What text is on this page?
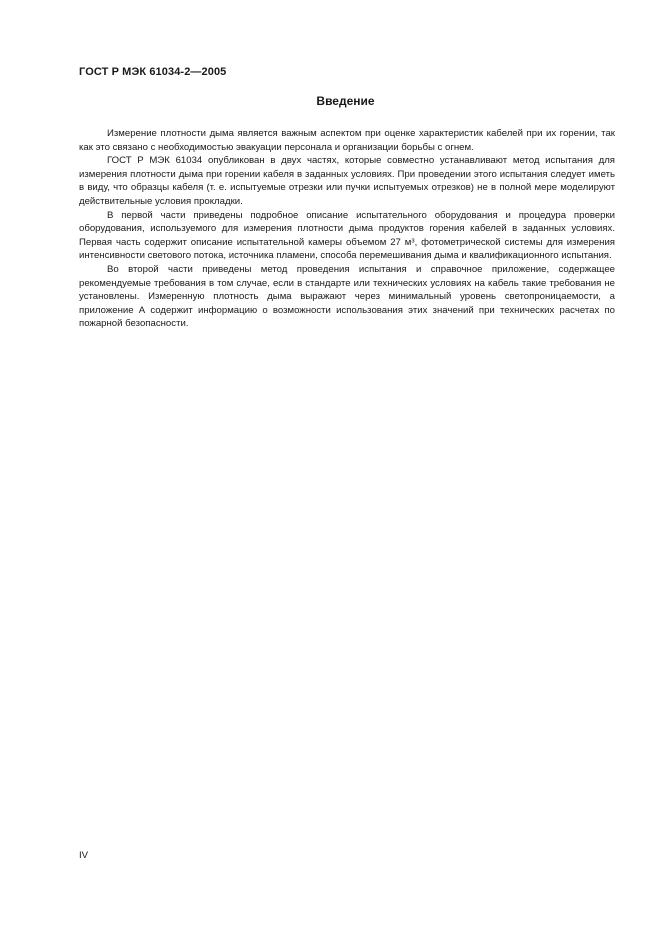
ГОСТ Р МЭК 61034-2—2005
Введение

Измерение плотности дыма является важным аспектом при оценке характеристик кабелей при их горении, так как это связано с необходимостью эвакуации персонала и организации борьбы с огнем.

ГОСТ Р МЭК 61034 опубликован в двух частях, которые совместно устанавливают метод испытания для измерения плотности дыма при горении кабеля в заданных условиях. При проведении этого испытания следует иметь в виду, что образцы кабеля (т. е. испытуемые отрезки или пучки испытуемых отрезков) не в полной мере моделируют действительные условия прокладки.

В первой части приведены подробное описание испытательного оборудования и процедура проверки оборудования, используемого для измерения плотности дыма продуктов горения кабелей в заданных условиях. Первая часть содержит описание испытательной камеры объемом 27 м³, фотометрической системы для измерения интенсивности светового потока, источника пламени, способа перемешивания дыма и квалификационного испытания.

Во второй части приведены метод проведения испытания и справочное приложение, содержащее рекомендуемые требования в том случае, если в стандарте или технических условиях на кабель такие требования не установлены. Измеренную плотность дыма выражают через минимальный уровень светопроницаемости, а приложение А содержит информацию о возможности использования этих значений при технических расчетах по пожарной безопасности.

IV
